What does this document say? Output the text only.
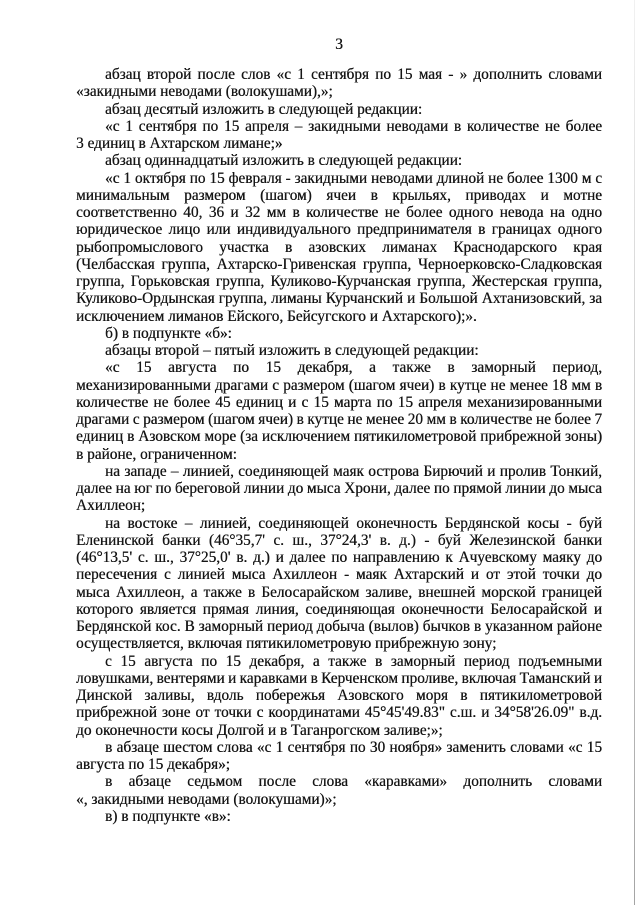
3
абзац второй после слов «с 1 сентября по 15 мая - » дополнить словами
«закидными неводами (волокушами),»;
абзац десятый изложить в следующей редакции:
«с 1 сентября по 15 апреля – закидными неводами в количестве не более
3 единиц в Ахтарском лимане;»
абзац одиннадцатый изложить в следующей редакции:
«с 1 октября по 15 февраля - закидными неводами длиной не более 1300 м с
минимальным размером (шагом) ячеи в крыльях, приводах и мотне
соответственно 40, 36 и 32 мм в количестве не более одного невода на одно
юридическое лицо или индивидуального предпринимателя в границах одного
рыбопромыслового участка в азовских лиманах Краснодарского края
(Челбасская группа, Ахтарско-Гривенская группа, Черноерковско-Сладковская
группа, Горьковская группа, Куликово-Курчанская группа, Жестерская группа,
Куликово-Ордынская группа, лиманы Курчанский и Большой Ахтанизовский, за
исключением лиманов Ейского, Бейсугского и Ахтарского);».
б) в подпункте «б»:
абзацы второй – пятый изложить в следующей редакции:
«с 15 августа по 15 декабря, а также в заморный период,
механизированными драгами с размером (шагом ячеи) в кутце не менее 18 мм в
количестве не более 45 единиц и с 15 марта по 15 апреля механизированными
драгами с размером (шагом ячеи) в кутце не менее 20 мм в количестве не более 7
единиц в Азовском море (за исключением пятикилометровой прибрежной зоны)
в районе, ограниченном:
на западе – линией, соединяющей маяк острова Бирючий и пролив Тонкий,
далее на юг по береговой линии до мыса Хрони, далее по прямой линии до мыса
Ахиллеон;
на востоке – линией, соединяющей оконечность Бердянской косы - буй
Еленинской банки (46°35,7' с. ш., 37°24,3' в. д.) - буй Железинской банки
(46°13,5' с. ш., 37°25,0' в. д.) и далее по направлению к Ачуевскому маяку до
пересечения с линией мыса Ахиллеон - маяк Ахтарский и от этой точки до
мыса Ахиллеон, а также в Белосарайском заливе, внешней морской границей
которого является прямая линия, соединяющая оконечности Белосарайской и
Бердянской кос. В заморный период добыча (вылов) бычков в указанном районе
осуществляется, включая пятикилометровую прибрежную зону;
с 15 августа по 15 декабря, а также в заморный период подъемными
ловушками, вентерями и каравками в Керченском проливе, включая Таманский и
Динской заливы, вдоль побережья Азовского моря в пятикилометровой
прибрежной зоне от точки с координатами 45°45'49.83" с.ш. и 34°58'26.09" в.д.
до оконечности косы Долгой и в Таганрогском заливе;»;
в абзаце шестом слова «с 1 сентября по 30 ноября» заменить словами «с 15
августа по 15 декабря»;
в абзаце седьмом после слова «каравками» дополнить словами
«, закидными неводами (волокушами)»;
в) в подпункте «в»:
